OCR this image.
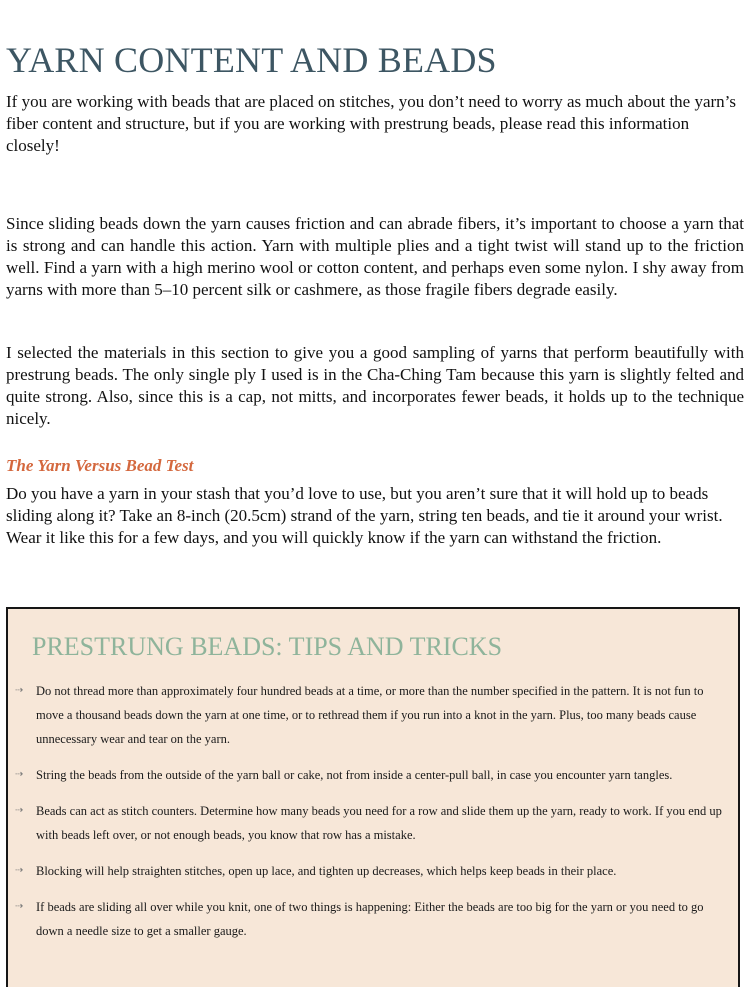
YARN CONTENT AND BEADS

If you are working with beads that are placed on stitches, you don’t need to worry as much about the yarn’s fiber content and structure, but if you are working with prestrung beads, please read this information closely!

Since sliding beads down the yarn causes friction and can abrade fibers, it’s important to choose a yarn that is strong and can handle this action. Yarn with multiple plies and a tight twist will stand up to the friction well. Find a yarn with a high merino wool or cotton content, and perhaps even some nylon. I shy away from yarns with more than 5–10 percent silk or cashmere, as those fragile fibers degrade easily.

I selected the materials in this section to give you a good sampling of yarns that perform beautifully with prestrung beads. The only single ply I used is in the Cha-Ching Tam because this yarn is slightly felted and quite strong. Also, since this is a cap, not mitts, and incorporates fewer beads, it holds up to the technique nicely.

The Yarn Versus Bead Test

Do you have a yarn in your stash that you’d love to use, but you aren’t sure that it will hold up to beads sliding along it? Take an 8-inch (20.5cm) strand of the yarn, string ten beads, and tie it around your wrist. Wear it like this for a few days, and you will quickly know if the yarn can withstand the friction.

PRESTRUNG BEADS: TIPS AND TRICKS
⇢	Do not thread more than approximately four hundred beads at a time, or more than the number specified in the pattern. It is not fun to move a thousand beads down the yarn at one time, or to rethread them if you run into a knot in the yarn. Plus, too many beads cause unnecessary wear and tear on the yarn.
⇢	String the beads from the outside of the yarn ball or cake, not from inside a center-pull ball, in case you encounter yarn tangles.
⇢	Beads can act as stitch counters. Determine how many beads you need for a row and slide them up the yarn, ready to work. If you end up with beads left over, or not enough beads, you know that row has a mistake.
⇢	Blocking will help straighten stitches, open up lace, and tighten up decreases, which helps keep beads in their place.
⇢	If beads are sliding all over while you knit, one of two things is happening: Either the beads are too big for the yarn or you need to go down a needle size to get a smaller gauge.
